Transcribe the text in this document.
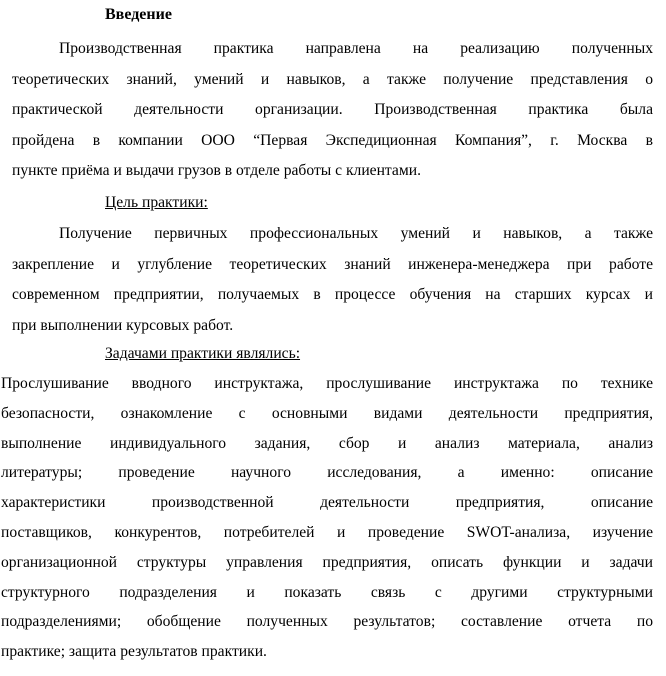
Введение
Производственная практика направлена на реализацию полученных
теоретических знаний, умений и навыков, а также получение представления о
практической деятельности организации. Производственная практика была
пройдена в компании ООО “Первая Экспедиционная Компания”, г. Москва в
пункте приёма и выдачи грузов в отделе работы с клиентами.
Цель практики:
Получение первичных профессиональных умений и навыков, а также
закрепление и углубление теоретических знаний инженера-менеджера при работе
современном предприятии, получаемых в процессе обучения на старших курсах и
при выполнении курсовых работ.
Задачами практики являлись:
Прослушивание вводного инструктажа, прослушивание инструктажа по технике
безопасности, ознакомление с основными видами деятельности предприятия,
выполнение индивидуального задания, сбор и анализ материала, анализ
литературы; проведение научного исследования, а именно: описание
характеристики производственной деятельности предприятия, описание
поставщиков, конкурентов, потребителей и проведение SWOT-анализа, изучение
организационной структуры управления предприятия, описать функции и задачи
структурного подразделения и показать связь с другими структурными
подразделениями; обобщение полученных результатов; составление отчета по
практике; защита результатов практики.
